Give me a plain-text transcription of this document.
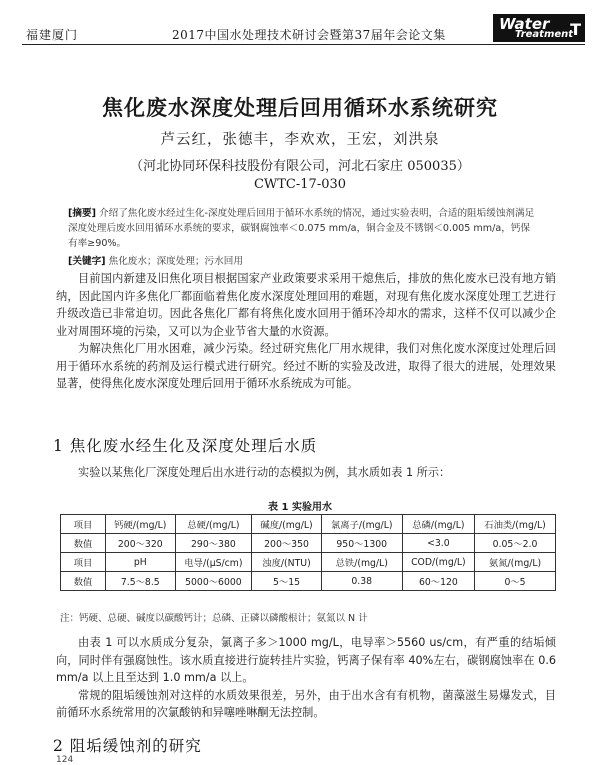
福建厦门	2017中国水处理技术研讨会暨第37届年会论文集
Water
Treatment
T
焦化废水深度处理后回用循环水系统研究
芦云红，张德丰，李欢欢，王宏，刘洪泉
（河北协同环保科技股份有限公司，河北石家庄 050035）
CWTC-17-030
[摘要] 介绍了焦化废水经过生化-深度处理后回用于循环水系统的情况，通过实验表明，合适的阻垢缓蚀剂满足深度处理后废水回用循环水系统的要求，碳钢腐蚀率＜0.075 mm/a，铜合金及不锈钢＜0.005 mm/a，钙保有率≥90%。
[关键字] 焦化废水；深度处理；污水回用

目前国内新建及旧焦化项目根据国家产业政策要求采用干熄焦后，排放的焦化废水已没有地方销纳，因此国内许多焦化厂都面临着焦化废水深度处理回用的难题，对现有焦化废水深度处理工艺进行升级改造已非常迫切。因此各焦化厂都有将焦化废水回用于循环冷却水的需求，这样不仅可以减少企业对周围环境的污染，又可以为企业节省大量的水资源。

为解决焦化厂用水困难，减少污染。经过研究焦化厂用水规律，我们对焦化废水深度过处理后回用于循环水系统的药剂及运行模式进行研究。经过不断的实验及改进，取得了很大的进展，处理效果显著，使得焦化废水深度处理后回用于循环水系统成为可能。

1 焦化废水经生化及深度处理后水质

实验以某焦化厂深度处理后出水进行动的态模拟为例，其水质如表 1 所示：

表 1 实验用水
项目	钙硬/(mg/L)	总硬/(mg/L)	碱度/(mg/L)	氯离子/(mg/L)	总磷/(mg/L)	石油类/(mg/L)
数值	200～320	290～380	200～350	950～1300	<3.0	0.05～2.0
项目	pH	电导/(μS/cm)	浊度/(NTU)	总铁/(mg/L)	COD/(mg/L)	氨氮/(mg/L)
数值	7.5～8.5	5000～6000	5～15	0.38	60～120	0～5
注：钙硬、总硬、碱度以碳酸钙计；总磷、正磷以磷酸根计；氨氮以 N 计

由表 1 可以水质成分复杂，氯离子多＞1000 mg/L，电导率＞5560 us/cm，有严重的结垢倾向，同时伴有强腐蚀性。该水质直接进行旋转挂片实验，钙离子保有率 40%左右，碳钢腐蚀率在 0.6 mm/a 以上且至达到 1.0 mm/a 以上。

常规的阻垢缓蚀剂对这样的水质效果很差，另外，由于出水含有有机物，菌藻滋生易爆发式，目前循环水系统常用的次氯酸钠和异噻唑啉酮无法控制。

2 阻垢缓蚀剂的研究
124
